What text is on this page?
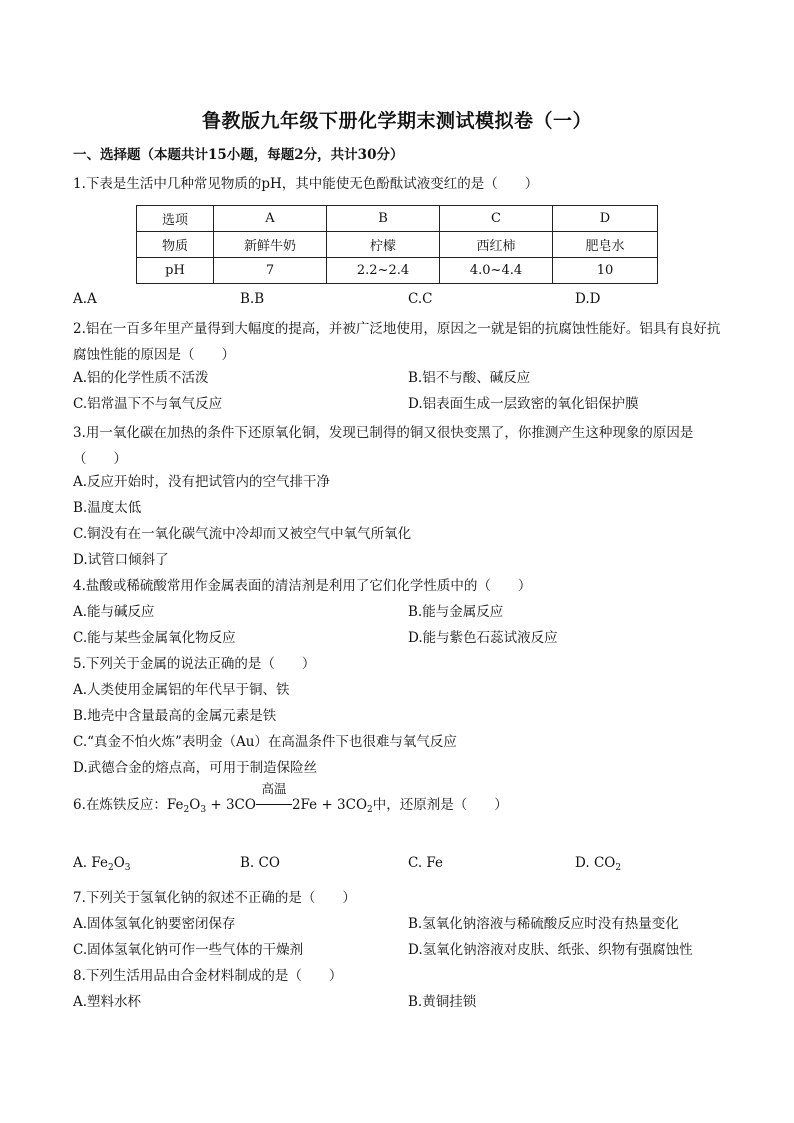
鲁教版九年级下册化学期末测试模拟卷（一）
一、选择题（本题共计15小题，每题2分，共计30分）
1.下表是生活中几种常见物质的pH，其中能使无色酚酞试液变红的是（　　）
选项	A	B	C	D
物质	新鲜牛奶	柠檬	西红柿	肥皂水
pH	7	2.2~2.4	4.0~4.4	10
A.A	B.B	C.C	D.D
2.铝在一百多年里产量得到大幅度的提高，并被广泛地使用，原因之一就是铝的抗腐蚀性能好。铝具有良好抗腐蚀性能的原因是（　　）
A.铝的化学性质不活泼	B.铝不与酸、碱反应
C.铝常温下不与氧气反应	D.铝表面生成一层致密的氧化铝保护膜
3.用一氧化碳在加热的条件下还原氧化铜，发现已制得的铜又很快变黑了，你推测产生这种现象的原因是（　　）
A.反应开始时，没有把试管内的空气排干净
B.温度太低
C.铜没有在一氧化碳气流中冷却而又被空气中氧气所氧化
D.试管口倾斜了
4.盐酸或稀硫酸常用作金属表面的清洁剂是利用了它们化学性质中的（　　）
A.能与碱反应	B.能与金属反应
C.能与某些金属氧化物反应	D.能与紫色石蕊试液反应
5.下列关于金属的说法正确的是（　　）
A.人类使用金属铝的年代早于铜、铁
B.地壳中含量最高的金属元素是铁
C.“真金不怕火炼”表明金（Au）在高温条件下也很难与氧气反应
D.武德合金的熔点高，可用于制造保险丝
6.在炼铁反应：$Fe_2O_3 + 3CO$
高温
$2Fe + 3CO_2$中，还原剂是（　　）
A. $Fe_2O_3$	B. CO	C. Fe	D. $CO_2$
7.下列关于氢氧化钠的叙述不正确的是（　　）
A.固体氢氧化钠要密闭保存	B.氢氧化钠溶液与稀硫酸反应时没有热量变化
C.固体氢氧化钠可作一些气体的干燥剂	D.氢氧化钠溶液对皮肤、纸张、织物有强腐蚀性
8.下列生活用品由合金材料制成的是（　　）
A.塑料水杯	B.黄铜挂锁
